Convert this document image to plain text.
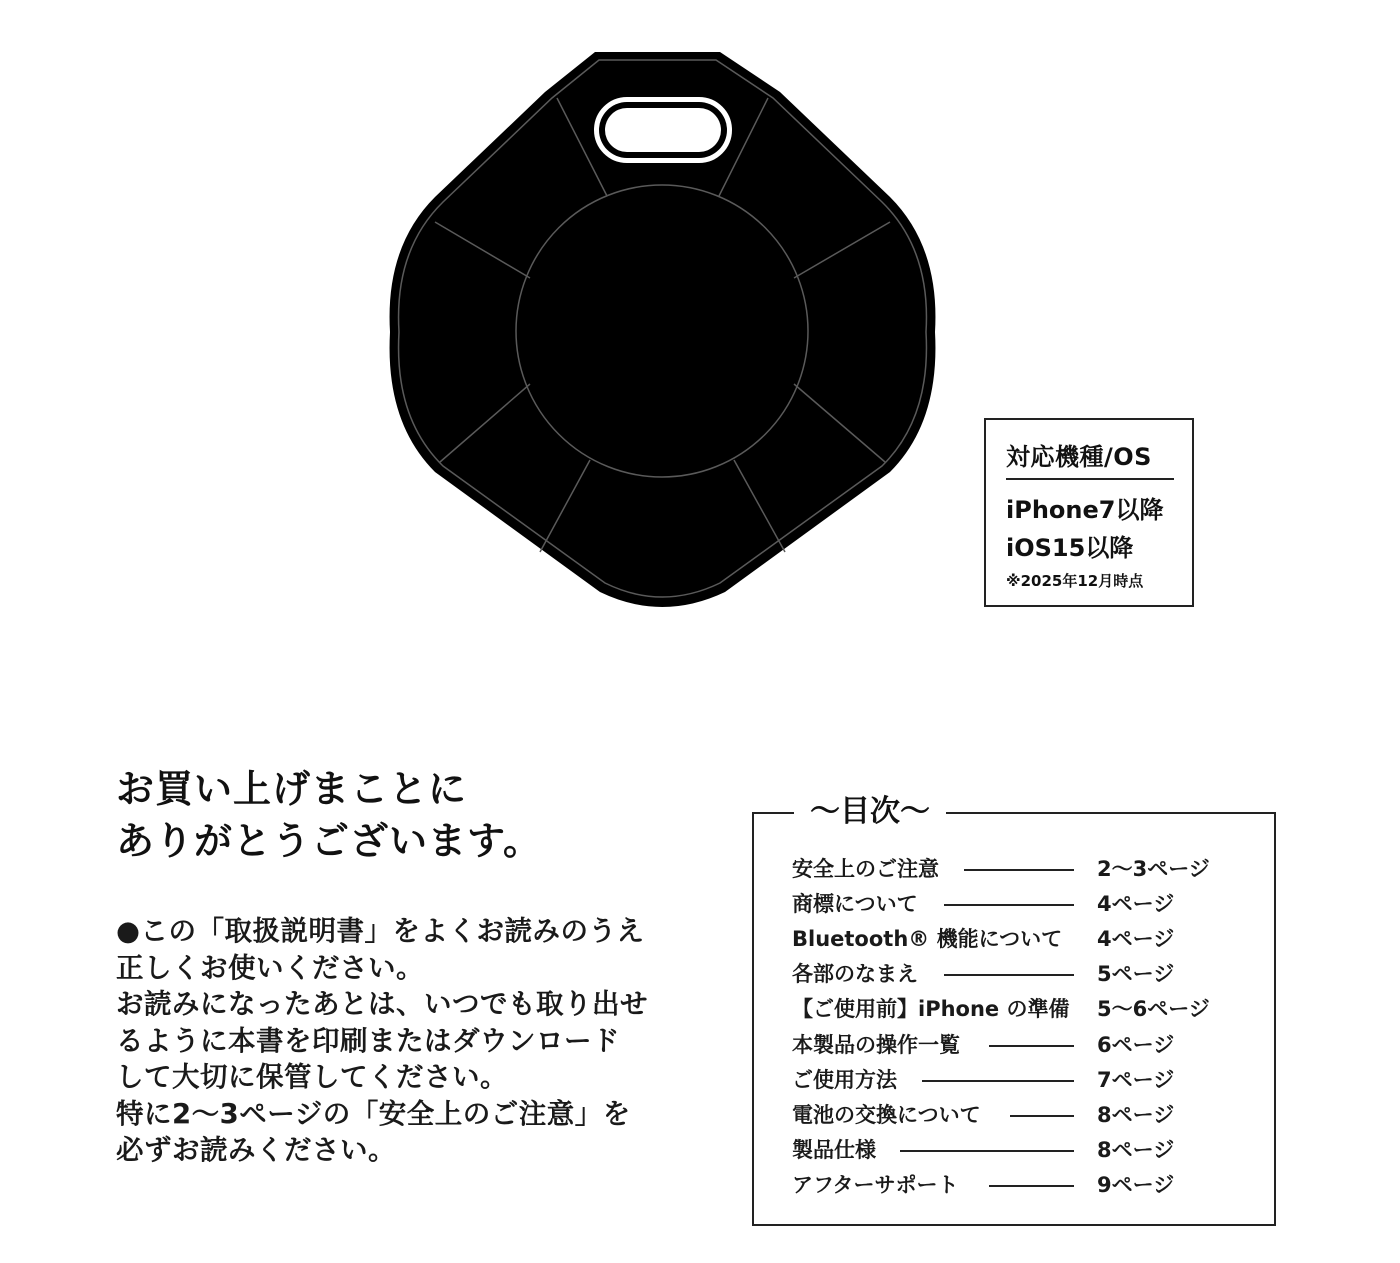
対応機種/OS
iPhone7以降
iOS15以降
※2025年12月時点
お買い上げまことに
ありがとうございます。
●この「取扱説明書」をよくお読みのうえ
正しくお使いください。
お読みになったあとは、いつでも取り出せ
るように本書を印刷またはダウンロード
して大切に保管してください。
特に2～3ページの「安全上のご注意」を
必ずお読みください。
～目次～
安全上のご注意	2～3ページ
商標について	4ページ
Bluetooth® 機能について 4ページ
各部のなまえ	5ページ
【ご使用前】iPhone の準備 5～6ページ
本製品の操作一覧	6ページ
ご使用方法	7ページ
電池の交換について	8ページ
製品仕様	8ページ
アフターサポート	9ページ
